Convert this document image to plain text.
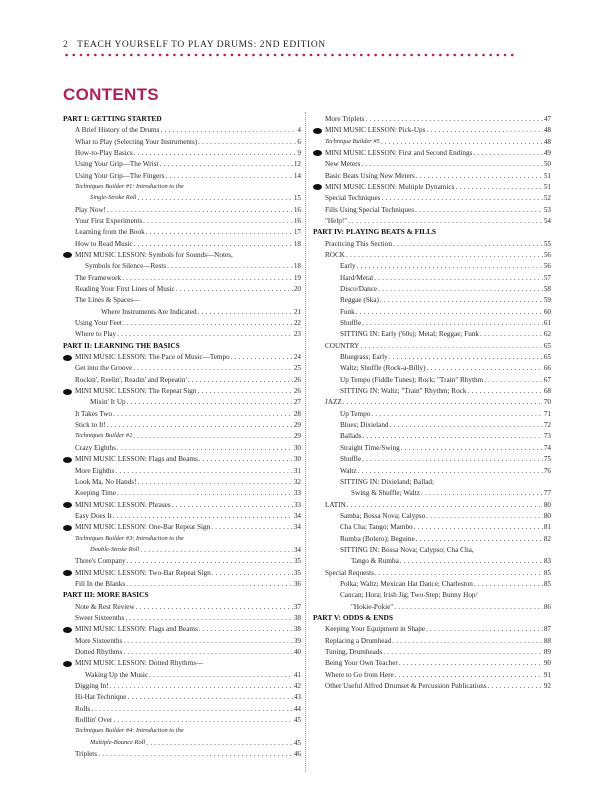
2 TEACH YOURSELF TO PLAY DRUMS: 2ND EDITION
CONTENTS
PART I: GETTING STARTED
A Brief History of the Drums . . .	4
What to Play (Selecting Your Instruments) . . .	6
How-to-Play Basics . . .	9
Using Your Grip—The Wrist . . .	12
Using Your Grip—The Fingers . . .	14
Techniques Builder #1: Introduction to the
Single-Stroke Roll . . .	15
Play Now! . . .	16
Your First Experiments . . .	16
Learning from the Book . . .	17
How to Read Music . . .	18
MINI MUSIC LESSON: Symbols for Sounds—Notes,
Symbols for Silence—Rests . . .	18
The Framework . . .	19
Reading Your First Lines of Music . . .	20
The Lines & Spaces—
Where Instruments Are Indicated . . .	21
Using Your Feet . . .	22
Where to Play . . .	23
PART II: LEARNING THE BASICS
MINI MUSIC LESSON: The Pace of Music—Tempo . . .	24
Get into the Groove . . .	25
Rockin', Reelin', Readin' and Repeatin' . . .	26
MINI MUSIC LESSON: The Repeat Sign . . .	26
Mixin' It Up . . .	27
It Takes Two . . .	28
Stick to It! . . .	29
Techniques Builder #2 . . .	29
Crazy Eighths . . .	30
MINI MUSIC LESSON: Flags and Beams . . .	30
More Eighths . . .	31
Look Ma, No Hands! . . .	32
Keeping Time . . .	33
MINI MUSIC LESSON: Phrases . . .	33
Easy Does It . . .	34
MINI MUSIC LESSON: One-Bar Repeat Sign . . .	34
Techniques Builder #3: Introduction to the
Double-Stroke Roll . . .	34
Three's Company . . .	35
MINI MUSIC LESSON: Two-Bar Repeat Sign . . .	35
Fill In the Blanks . . .	36
PART III: MORE BASICS
Note & Rest Review . . .	37
Sweet Sixteenths . . .	38
MINI MUSIC LESSON: Flags and Beams . . .	38
More Sixteenths . . .	39
Dotted Rhythms . . .	40
MINI MUSIC LESSON: Dotted Rhythms—
Waking Up the Music . . .	41
Digging In! . . .	42
Hi-Hat Technique . . .	43
Rolls . . .	44
Rolllin' Over . . .	45
Techniques Builder #4: Introduction to the
Multiple-Bounce Roll . . .	45
Triplets . . .	46
More Triplets . . .	47
MINI MUSIC LESSON: Pick-Ups . . .	48
Technique Builder #5 . . .	48
MINI MUSIC LESSON: First and Second Endings . . .	49
New Meters . . .	50
Basic Beats Using New Meters . . .	51
MINI MUSIC LESSON: Multiple Dynamics . . .	51
Special Techniques . . .	52
Fills Using Special Techniques . . .	53
"Help!" . . .	54
PART IV: PLAYING BEATS & FILLS
Practicing This Section . . .	55
ROCK . . .	56
Early . . .	56
Hard/Metal . . .	57
Disco/Dance . . .	58
Reggae (Ska) . . .	59
Funk . . .	60
Shuffle . . .	61
SITTING IN: Early ('60s); Metal; Reggae; Funk . . .	62
COUNTRY . . .	65
Bluegrass; Early . . .	65
Waltz; Shuffle (Rock-a-Billy) . . .	66
Up Tempo (Fiddle Tunes); Rock; "Train" Rhythm . . .	67
SITTING IN: Waltz; "Train" Rhythm; Rock . . .	68
JAZZ . . .	70
Up Tempo . . .	71
Blues; Dixieland . . .	72
Ballads . . .	73
Straight Time/Swing . . .	74
Shuffle . . .	75
Waltz . . .	76
SITTING IN: Dixieland; Ballad;
Swing & Shuffle; Waltz . . .	77
LATIN . . .	80
Samba; Bossa Nova; Calypso . . .	80
Cha Cha; Tango; Mambo . . .	81
Rumba (Bolero); Beguine . . .	82
SITTING IN: Bossa Nova; Calypso; Cha Cha,
Tango & Rumba . . .	83
Special Requests . . .	85
Polka; Waltz; Mexican Hat Dance; Charleston . . .	85
Cancan; Hora; Irish Jig; Two-Step; Bunny Hop/
"Hokie-Pokie" . . .	86
PART V: ODDS & ENDS
Keeping Your Equipment in Shape . . .	87
Replacing a Drumhead . . .	88
Tuning, Drumheads . . .	89
Being Your Own Teacher . . .	90
Where to Go from Here . . .	91
Other Useful Alfred Drumset & Percussion Publications . . .	92
